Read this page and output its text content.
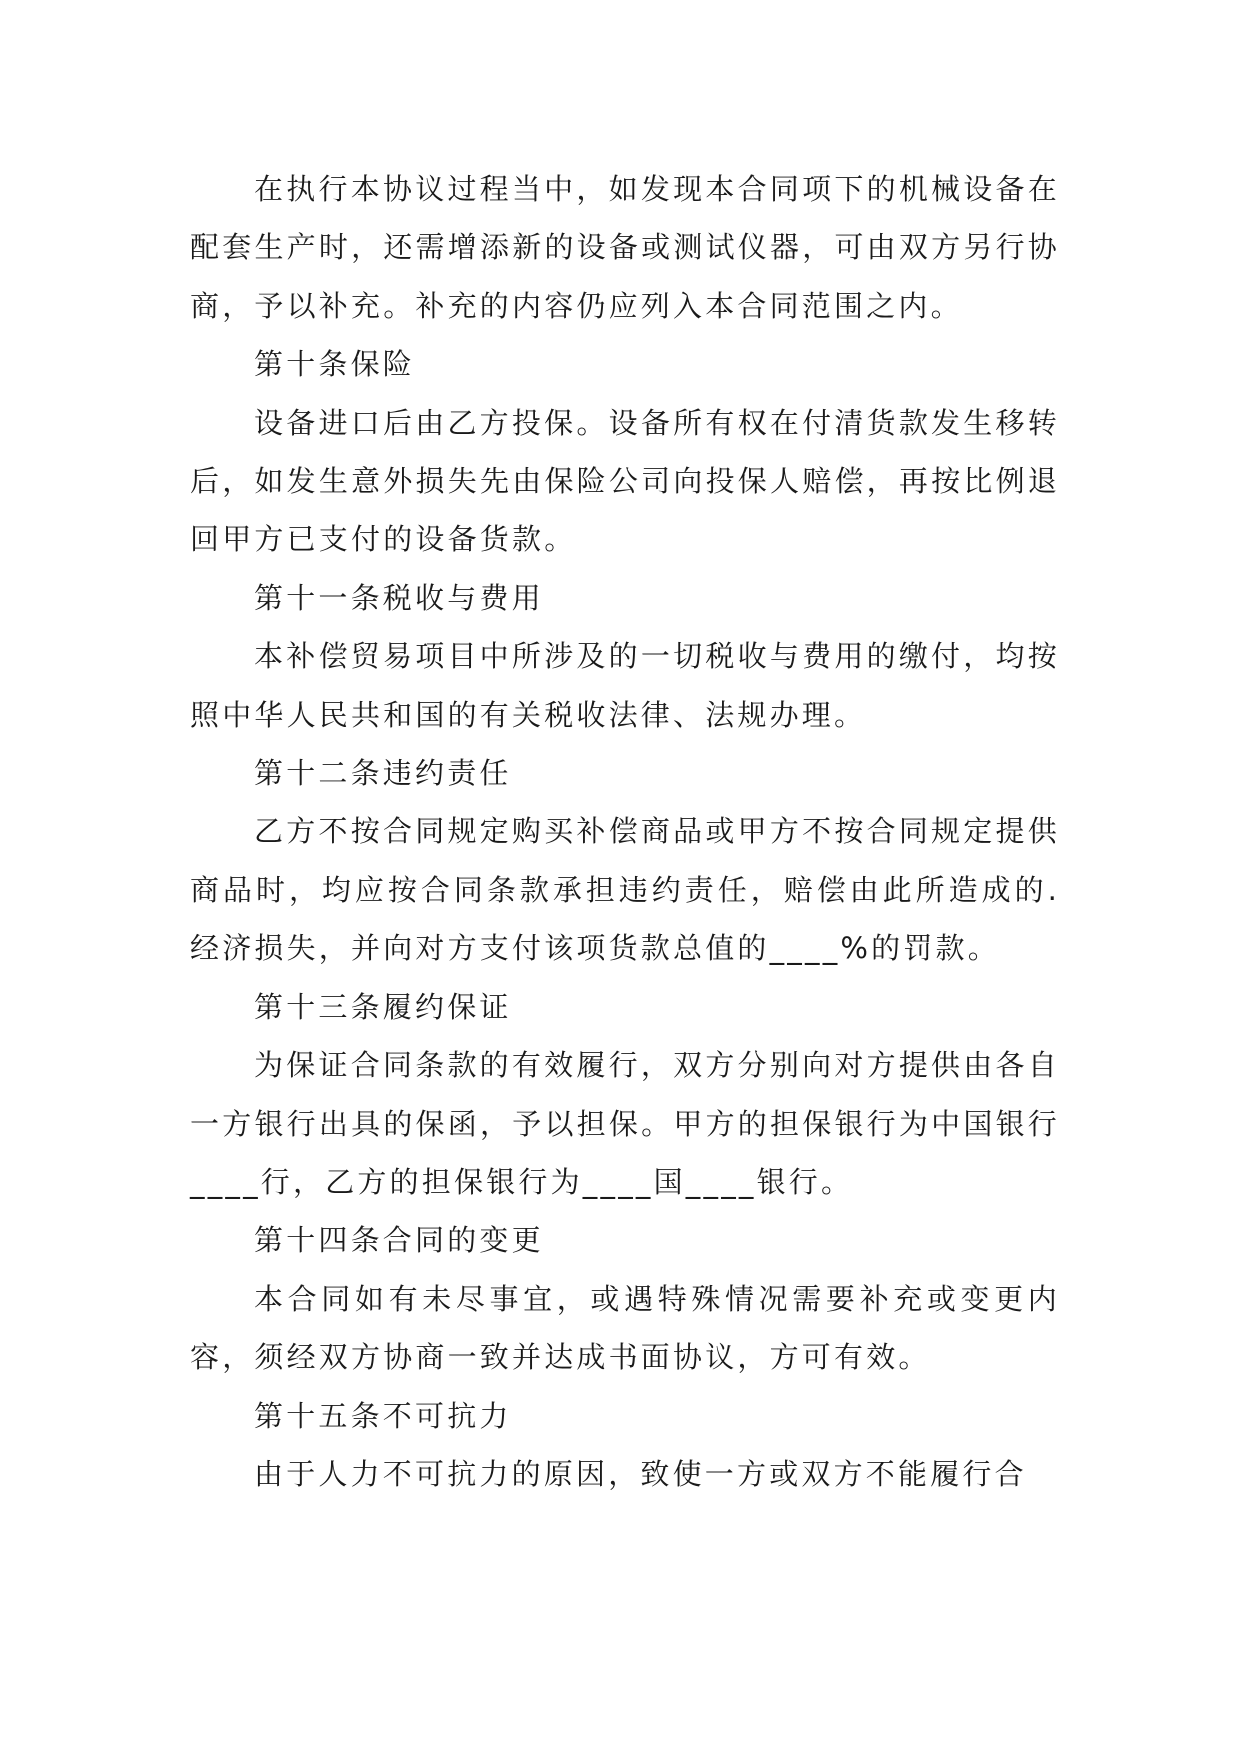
在执行本协议过程当中，如发现本合同项下的机械设备在配套生产时，还需增添新的设备或测试仪器，可由双方另行协商，予以补充。补充的内容仍应列入本合同范围之内。

第十条保险

设备进口后由乙方投保。设备所有权在付清货款发生移转后，如发生意外损失先由保险公司向投保人赔偿，再按比例退回甲方已支付的设备货款。

第十一条税收与费用

本补偿贸易项目中所涉及的一切税收与费用的缴付，均按照中华人民共和国的有关税收法律、法规办理。

第十二条违约责任

乙方不按合同规定购买补偿商品或甲方不按合同规定提供商品时，均应按合同条款承担违约责任，赔偿由此所造成的.经济损失，并向对方支付该项货款总值的____%的罚款。

第十三条履约保证

为保证合同条款的有效履行，双方分别向对方提供由各自一方银行出具的保函，予以担保。甲方的担保银行为中国银行____行，乙方的担保银行为____国____银行。

第十四条合同的变更

本合同如有未尽事宜，或遇特殊情况需要补充或变更内容，须经双方协商一致并达成书面协议，方可有效。

第十五条不可抗力

由于人力不可抗力的原因，致使一方或双方不能履行合
